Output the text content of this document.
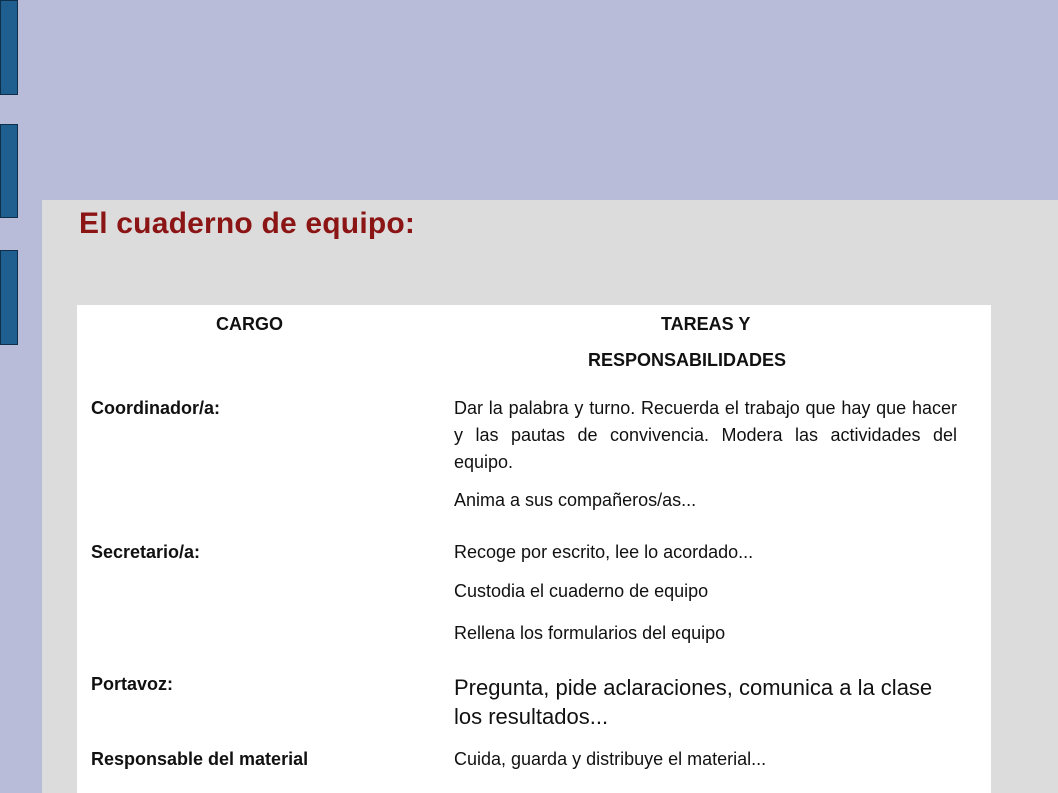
El cuaderno de equipo:
CARGO	TAREAS Y
RESPONSABILIDADES
Coordinador/a:	Dar la palabra y turno. Recuerda el trabajo que hay que hacer y las pautas de convivencia. Modera las actividades del equipo.
Anima a sus compañeros/as...
Secretario/a:	Recoge por escrito, lee lo acordado...
Custodia el cuaderno de equipo
Rellena los formularios del equipo
Portavoz:	Pregunta, pide aclaraciones, comunica a la clase los resultados...
Responsable del material	Cuida, guarda y distribuye el material...
